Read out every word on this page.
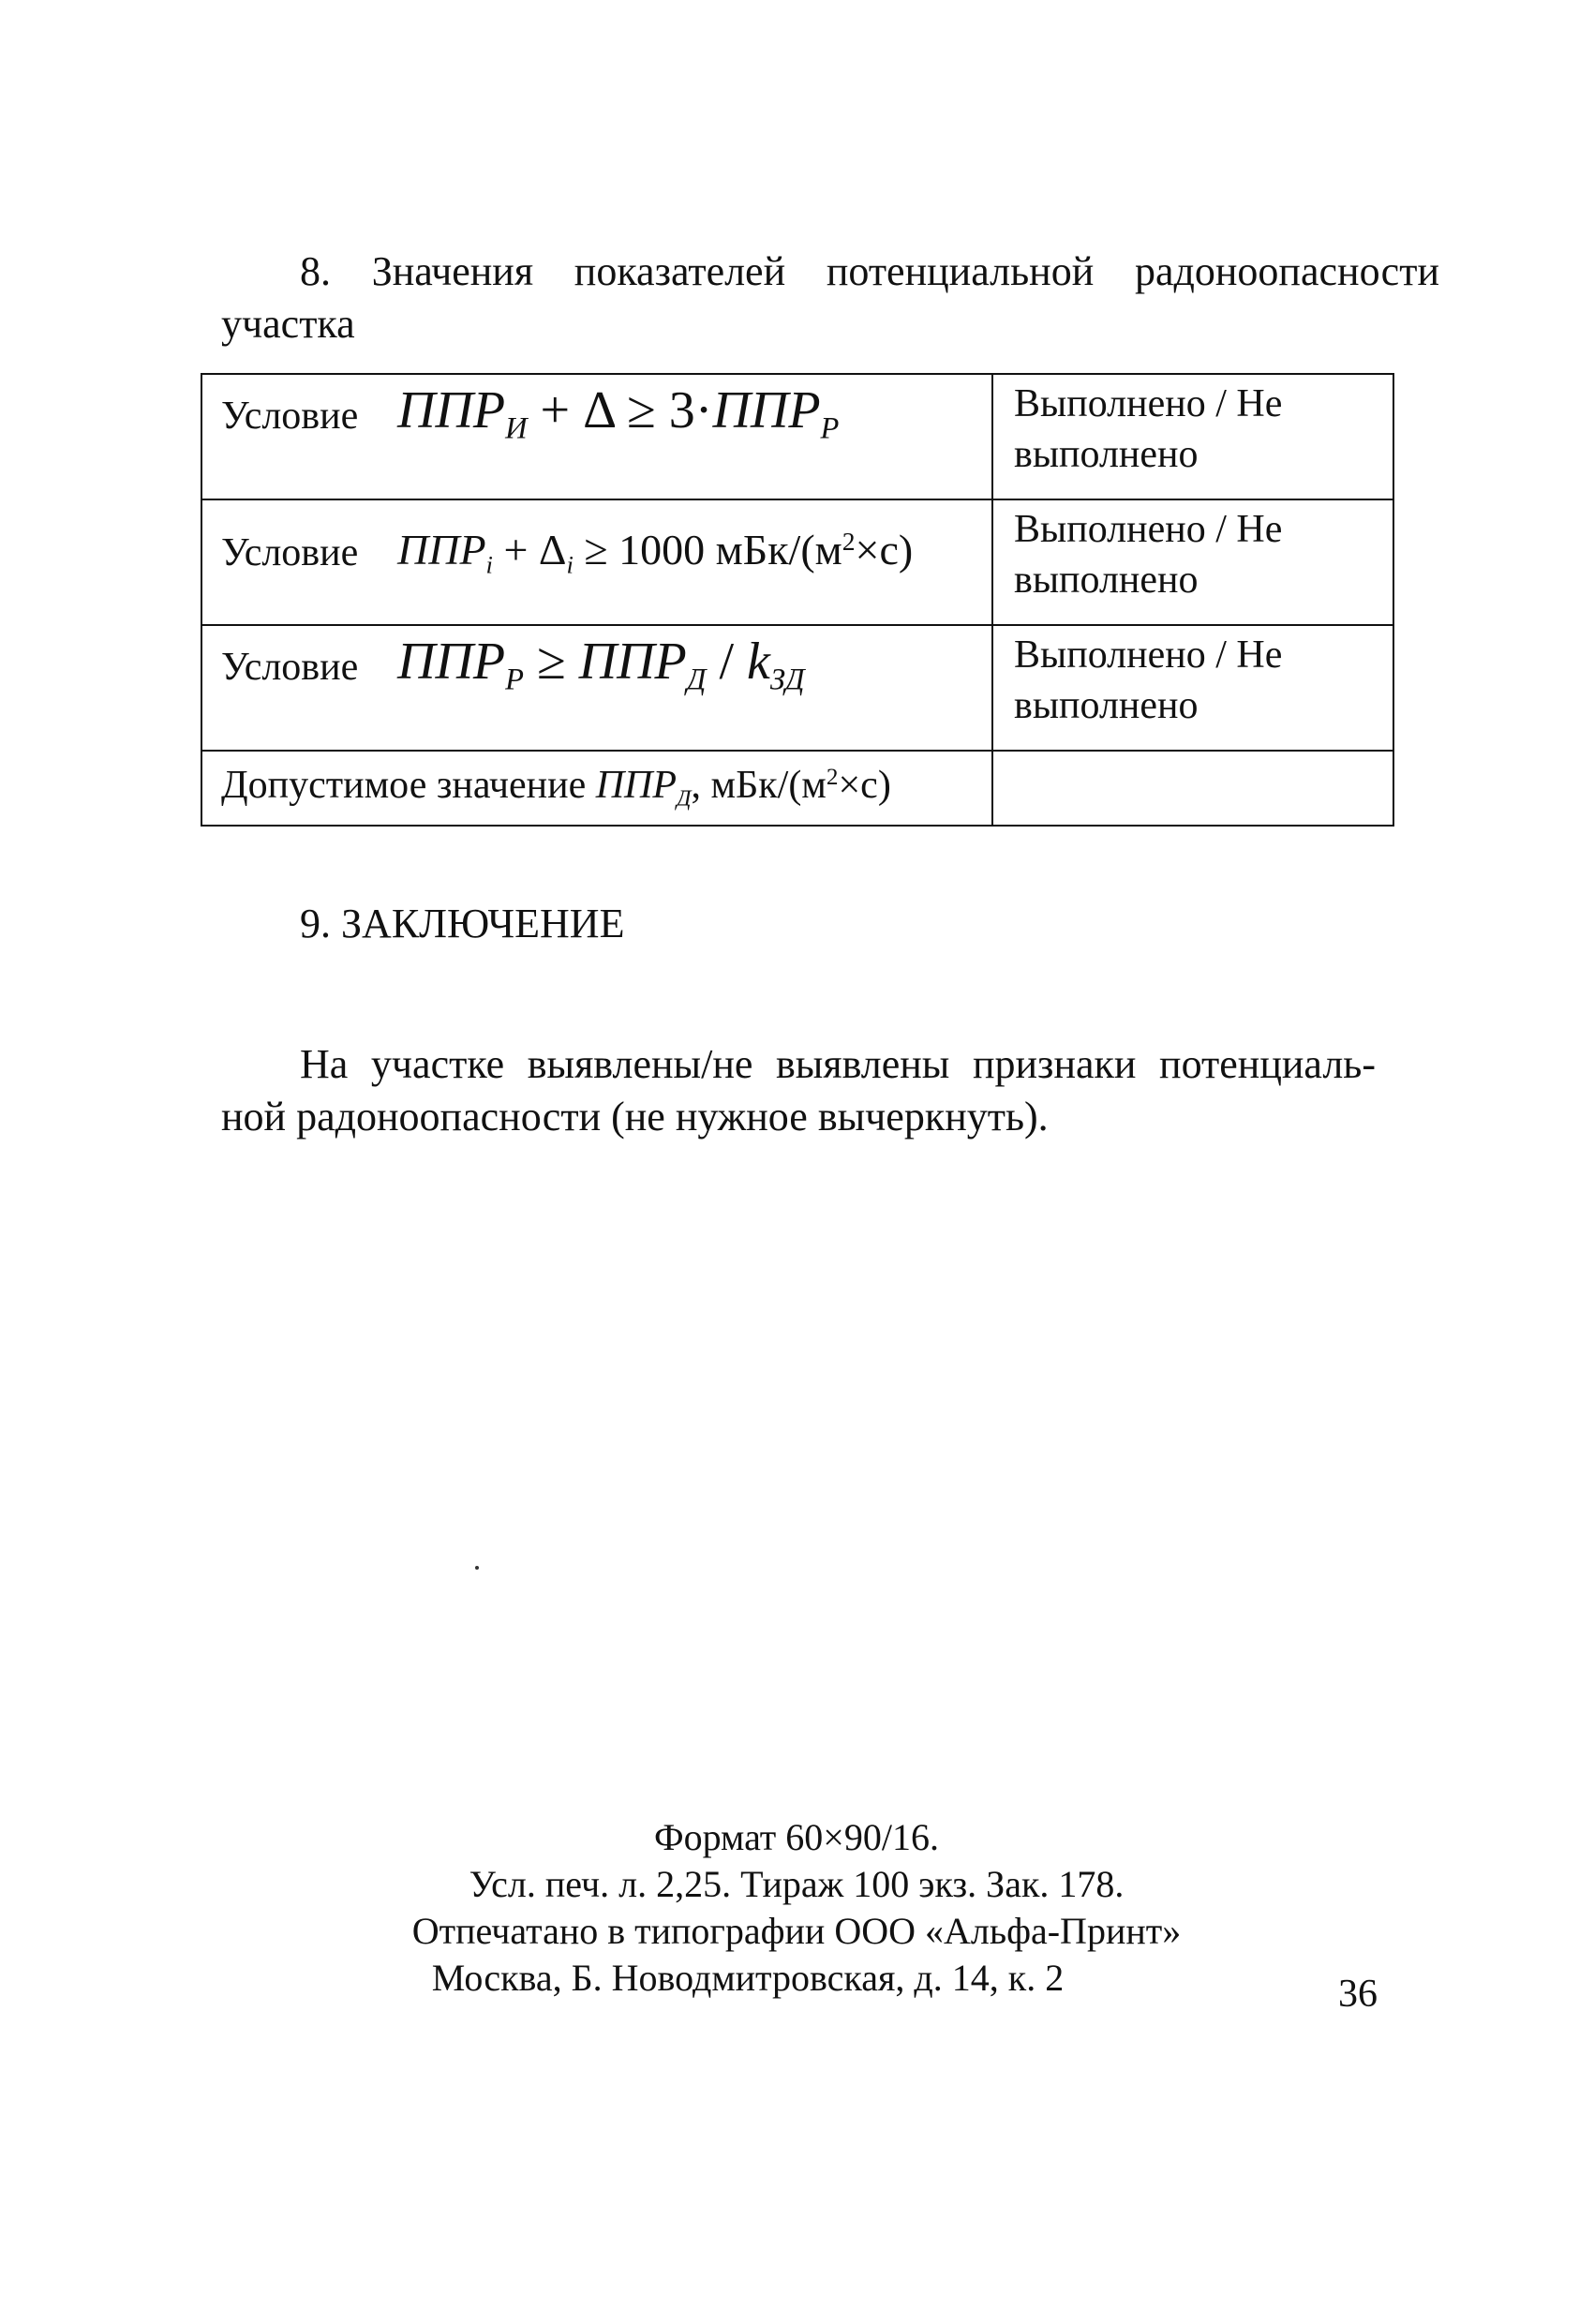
8. Значения показателей потенциальной радоноопасности
участка
Условие $ППР_И + \Delta \ge 3\cdot ППР_Р$
Выполнено / Не
выполнено
Условие $ППР_i + \Delta_i \ge 1000$ мБк/$(м^2\times с)$	Выполнено / Не
выполнено
Условие $ППР_Р \ge ППР_Д / k_{ЗД}$
Выполнено / Не
выполнено
Допустимое значение $ППР_Д$, мБк/$(м^2\times с)$
9. ЗАКЛЮЧЕНИЕ
На участке выявлены/не выявлены признаки потенциаль-
ной радоноопасности (не нужное вычеркнуть).
Формат 60×90/16.
Усл. печ. л. 2,25. Тираж 100 экз. Зак. 178.
Отпечатано в типографии ООО «Альфа-Принт»
Москва, Б. Новодмитровская, д. 14, к. 2	36
